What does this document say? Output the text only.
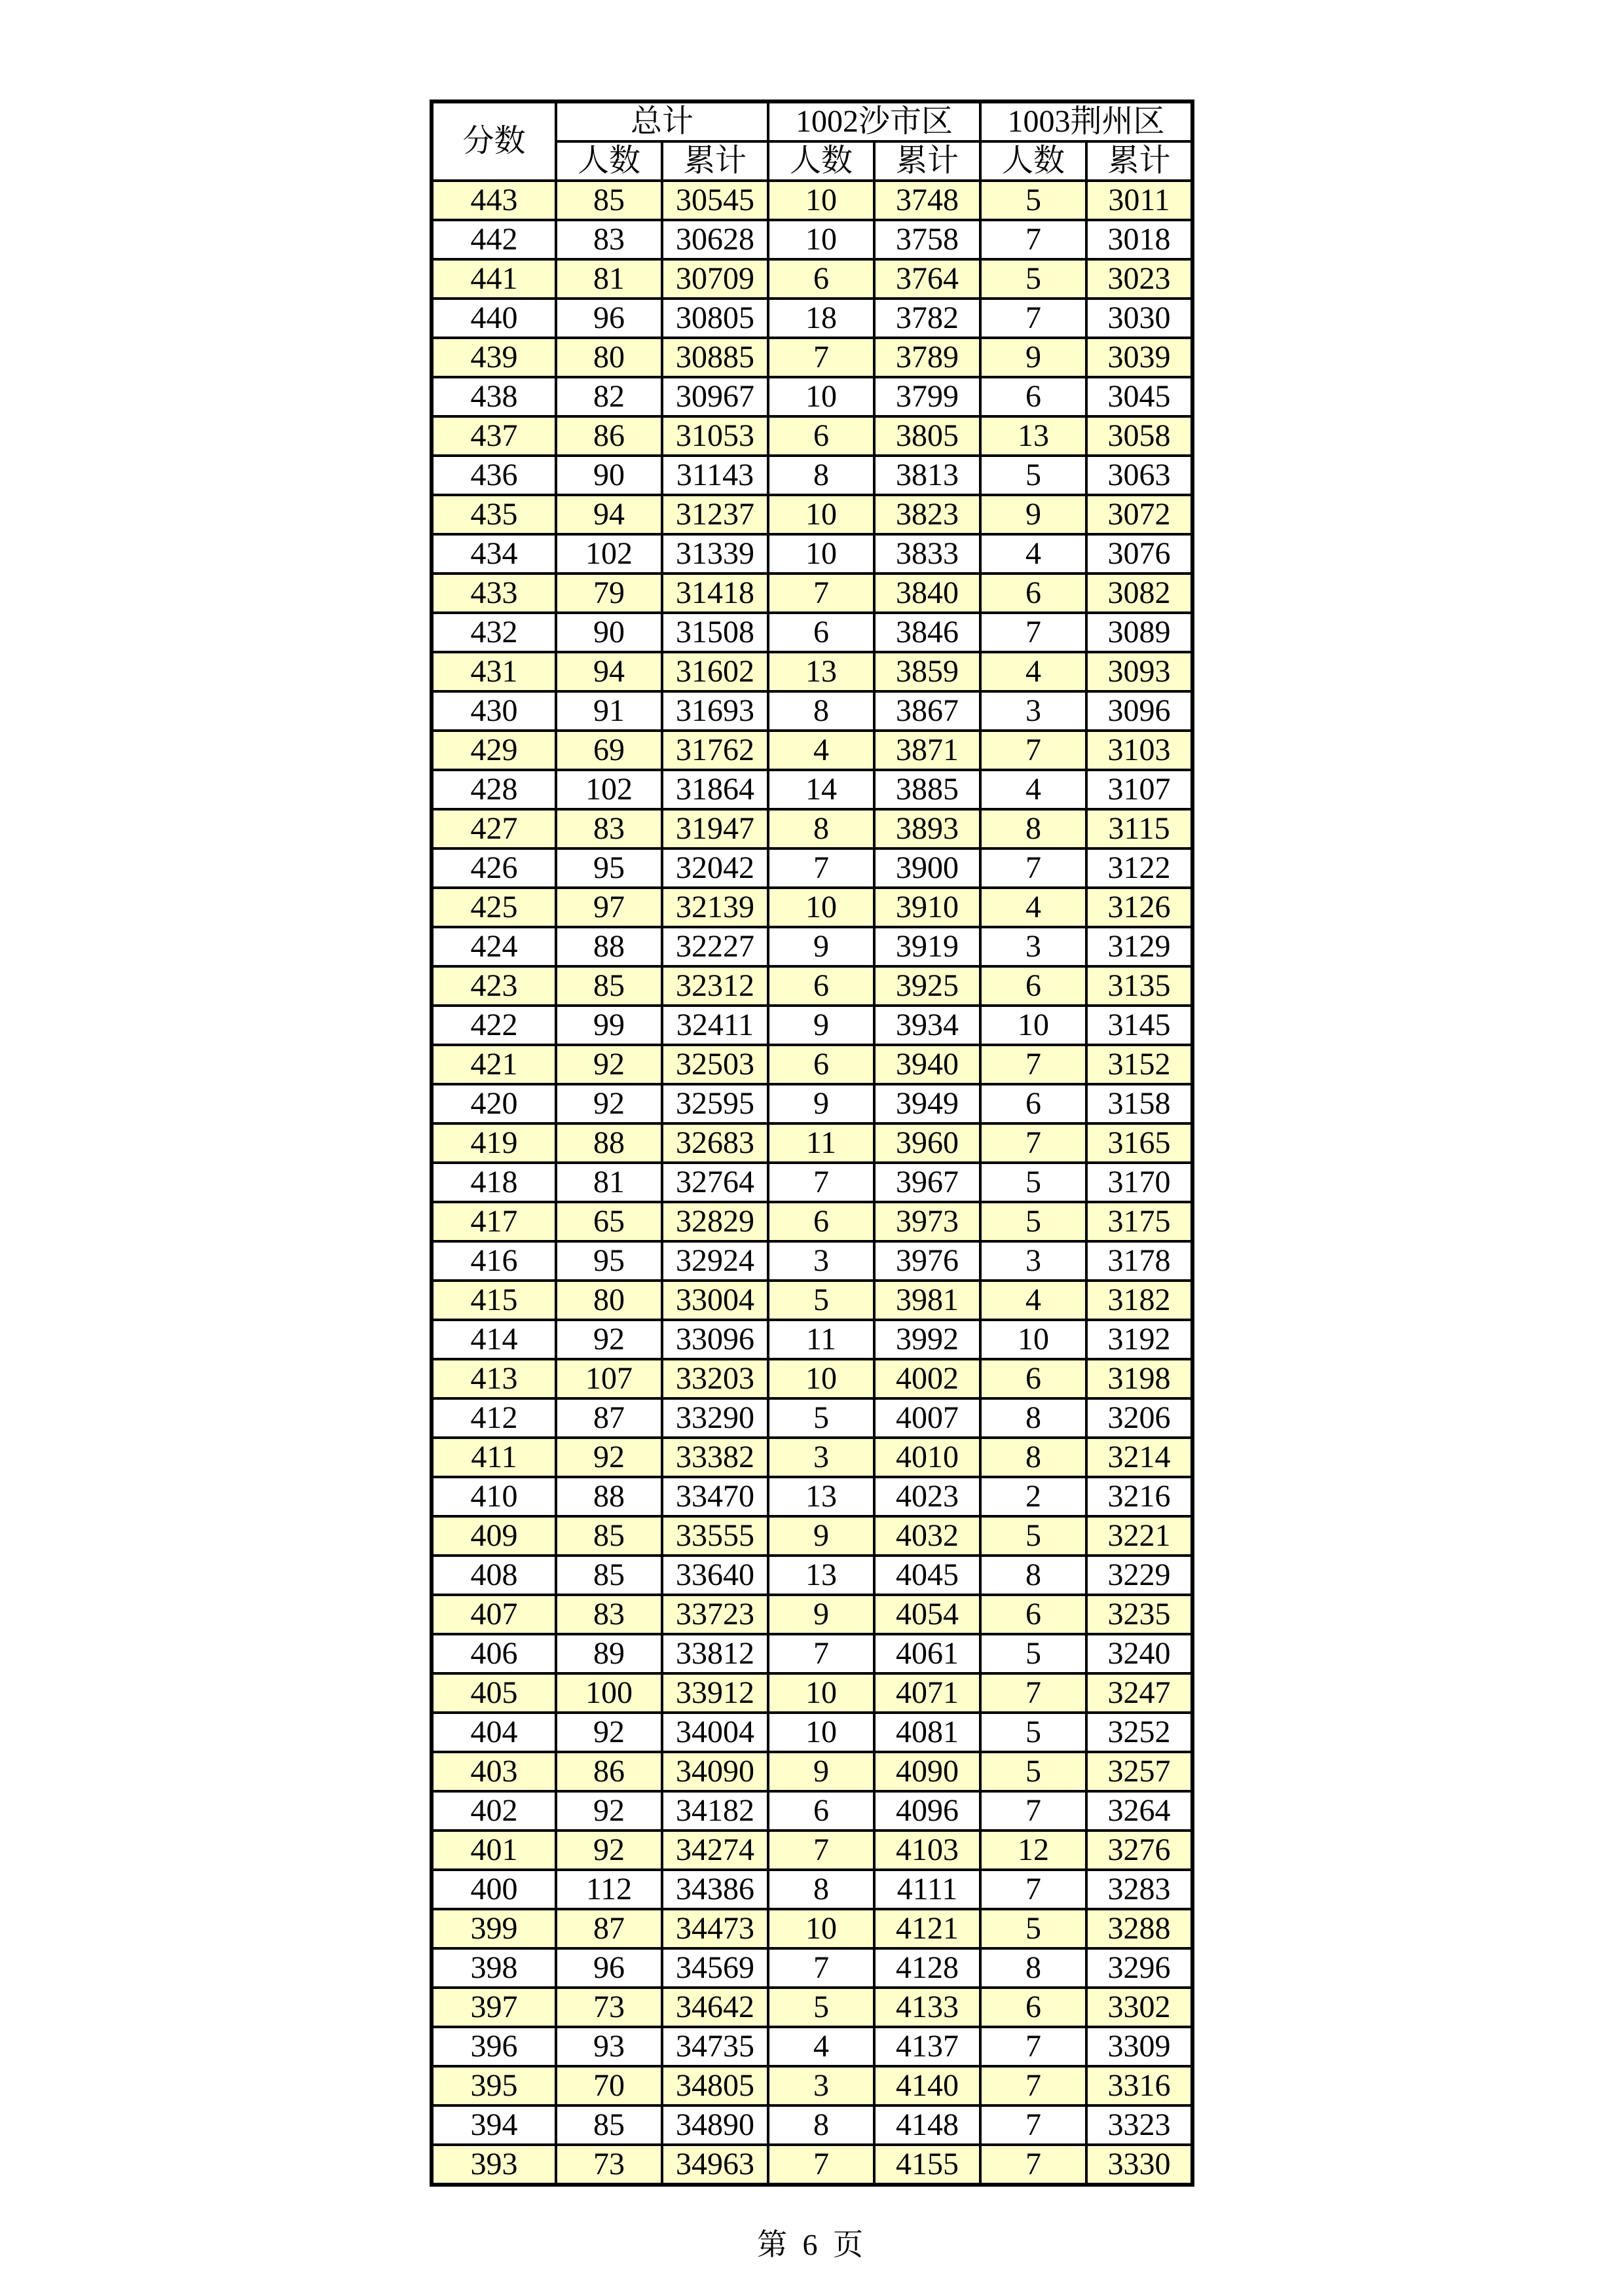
分数	总计		1002沙市区		1003荆州区	
	人数	累计	人数	累计	人数	累计
443	85	30545	10	3748	5	3011
442	83	30628	10	3758	7	3018
441	81	30709	6	3764	5	3023
440	96	30805	18	3782	7	3030
439	80	30885	7	3789	9	3039
438	82	30967	10	3799	6	3045
437	86	31053	6	3805	13	3058
436	90	31143	8	3813	5	3063
435	94	31237	10	3823	9	3072
434	102	31339	10	3833	4	3076
433	79	31418	7	3840	6	3082
432	90	31508	6	3846	7	3089
431	94	31602	13	3859	4	3093
430	91	31693	8	3867	3	3096
429	69	31762	4	3871	7	3103
428	102	31864	14	3885	4	3107
427	83	31947	8	3893	8	3115
426	95	32042	7	3900	7	3122
425	97	32139	10	3910	4	3126
424	88	32227	9	3919	3	3129
423	85	32312	6	3925	6	3135
422	99	32411	9	3934	10	3145
421	92	32503	6	3940	7	3152
420	92	32595	9	3949	6	3158
419	88	32683	11	3960	7	3165
418	81	32764	7	3967	5	3170
417	65	32829	6	3973	5	3175
416	95	32924	3	3976	3	3178
415	80	33004	5	3981	4	3182
414	92	33096	11	3992	10	3192
413	107	33203	10	4002	6	3198
412	87	33290	5	4007	8	3206
411	92	33382	3	4010	8	3214
410	88	33470	13	4023	2	3216
409	85	33555	9	4032	5	3221
408	85	33640	13	4045	8	3229
407	83	33723	9	4054	6	3235
406	89	33812	7	4061	5	3240
405	100	33912	10	4071	7	3247
404	92	34004	10	4081	5	3252
403	86	34090	9	4090	5	3257
402	92	34182	6	4096	7	3264
401	92	34274	7	4103	12	3276
400	112	34386	8	4111	7	3283
399	87	34473	10	4121	5	3288
398	96	34569	7	4128	8	3296
397	73	34642	5	4133	6	3302
396	93	34735	4	4137	7	3309
395	70	34805	3	4140	7	3316
394	85	34890	8	4148	7	3323
393	73	34963	7	4155	7	3330
第 6 页
